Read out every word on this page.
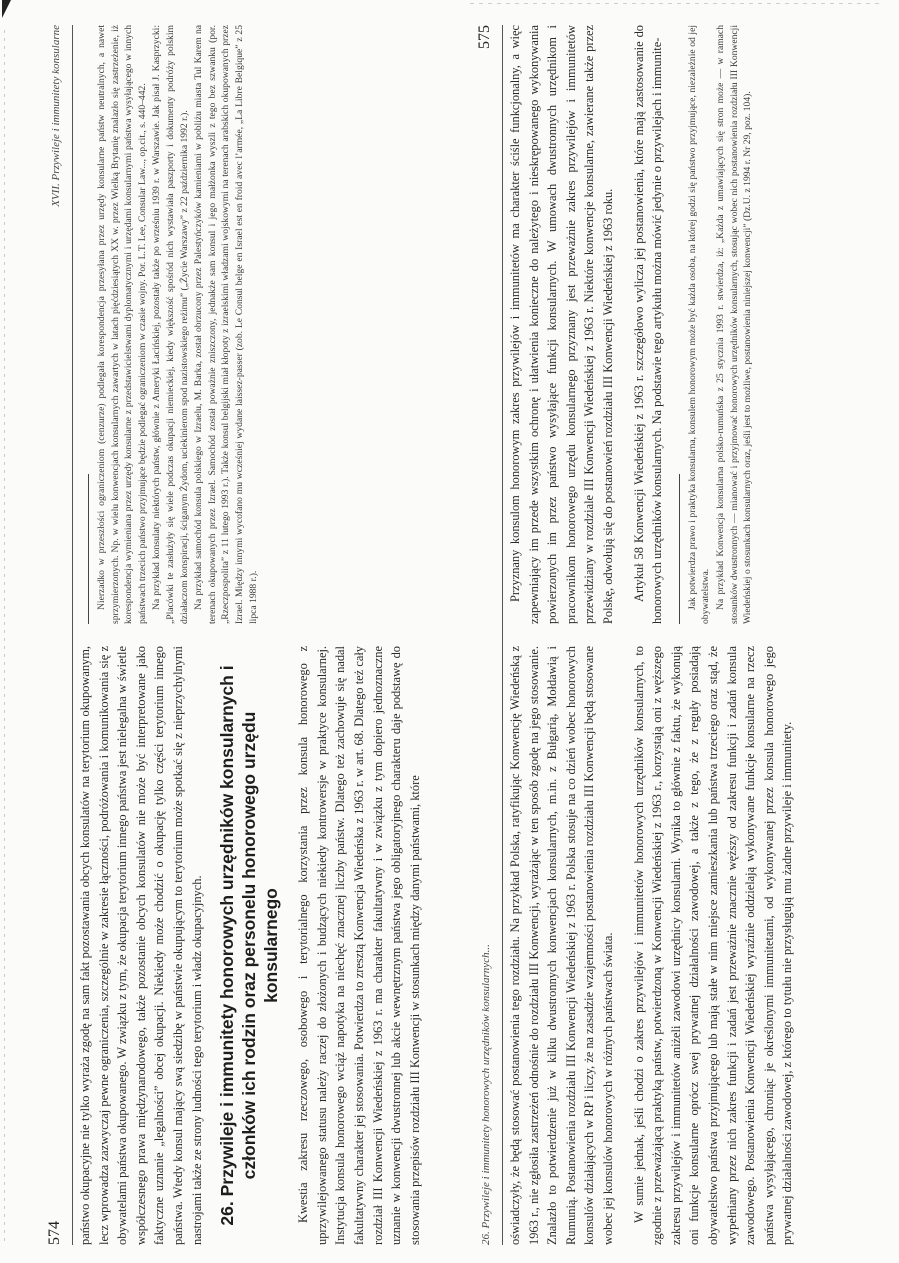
574
XVII. Przywileje i immunitety konsularne

państwo okupacyjne nie tylko wyraża zgodę na sam fakt pozostawania obcych konsulatów na terytorium okupowanym, lecz wprowadza zazwyczaj pewne ograniczenia, szczególnie w zakresie łączności, podróżowania i komunikowania się z obywatelami państwa okupowanego. W związku z tym, że okupacja terytorium innego państwa jest nielegalna w świetle współczesnego prawa międzynarodowego, także pozostanie obcych konsulatów nie może być interpretowane jako faktyczne uznanie „legalności” obcej okupacji. Niekiedy może chodzić o okupację tylko części terytorium innego państwa. Wtedy konsul mający swą siedzibę w państwie okupującym to terytorium może spotkać się z nieprzychylnymi nastrojami także ze strony ludności tego terytorium i władz okupacyjnych. 26. Przywileje i immunitety honorowych urzędników konsularnych i członków ich rodzin oraz personelu honorowego urzędu konsularnego Kwestia zakresu rzeczowego, osobowego i terytorialnego korzystania przez konsula honorowego z uprzywilejowanego statusu należy raczej do złożonych i budzących niekiedy kontrowersje w praktyce konsularnej. Instytucja konsula honorowego wciąż napotyka na niechęć znacznej liczby państw. Dlatego też zachowuje się nadal fakultatywny charakter jej stosowania. Potwierdza to zresztą Konwencja Wiedeńska z 1963 r. w art. 68. Dlatego też cały rozdział III Konwencji Wiedeńskiej z 1963 r. ma charakter fakultatywny i w związku z tym dopiero jednoznaczne uznanie w konwencji dwustronnej lub akcie wewnętrznym państwa jego obligatoryjnego charakteru daje podstawę do stosowania przepisów rozdziału III Konwencji w stosunkach między danymi państwami, które

Nierzadko w przeszłości ograniczeniom (cenzurze) podlegała korespondencja przesyłana przez urzędy konsularne państw neutralnych, a nawet sprzymierzonych. Np. w wielu konwencjach konsularnych zawartych w latach pięćdziesiątych XX w. przez Wielką Brytanię znalazło się zastrzeżenie, iż korespondencja wymieniana przez urzędy konsularne z przedstawicielstwami dyplomatycznymi i urzędami konsularnymi państwa wysyłającego w innych państwach trzecich państwo przyjmujące będzie podlegać ograniczeniom w czasie wojny. Por. L.T. Lee, Consular Law..., op.cit., s. 440–442. Na przykład konsulaty niektórych państw, głównie z Ameryki Łacińskiej, pozostały także po wrześniu 1939 r. w Warszawie. Jak pisał J. Kasprzycki: „Placówki te zasłużyły się wiele podczas okupacji niemieckiej, kiedy większość spośród nich wystawiała paszporty i dokumenty podróży polskim działaczom konspiracji, ściganym Żydom, uciekinierom spod nazistowskiego reżimu” („Życie Warszawy” z 22 października 1992 r.). Na przykład samochód konsula polskiego w Izraelu, M. Barka, został obrzucony przez Palestyńczyków kamieniami w pobliżu miasta Tul Karem na terenach okupowanych przez Izrael. Samochód został poważnie zniszczony, jednakże sam konsul i jego małżonka wyszli z tego bez szwanku (por. „Rzeczpospolita” z 11 lutego 1993 r.). Także konsul belgijski miał kłopoty z izraelskimi władzami wojskowymi na terenach arabskich okupowanych przez Izrael. Między innymi wycofano mu wcześniej wydane laissez-passer (zob. Le Consul belge en Israel est en froid avec l’armée, „La Libre Belgique” z 25 lipca 1988 r.).

26. Przywileje i immunitety honorowych urzędników konsularnych...
575

oświadczyły, że będą stosować postanowienia tego rozdziału. Na przykład Polska, ratyfikując Konwencję Wiedeńską z 1963 r., nie zgłosiła zastrzeżeń odnośnie do rozdziału III Konwencji, wyrażając w ten sposób zgodę na jego stosowanie. Znalazło to potwierdzenie już w kilku dwustronnych konwencjach konsularnych, m.in. z Bułgarią, Mołdawią i Rumunią. Postanowienia rozdziału III Konwencji Wiedeńskiej z 1963 r. Polska stosuje na co dzień wobec honorowych konsulów działających w RP i liczy, że na zasadzie wzajemności postanowienia rozdziału III Konwencji będą stosowane wobec jej konsulów honorowych w różnych państwach świata. W sumie jednak, jeśli chodzi o zakres przywilejów i immunitetów honorowych urzędników konsularnych, to zgodnie z przeważającą praktyką państw, potwierdzoną w Konwencji Wiedeńskiej z 1963 r., korzystają oni z węższego zakresu przywilejów i immunitetów aniżeli zawodowi urzędnicy konsularni. Wynika to głównie z faktu, że wykonują oni funkcje konsularne oprócz swej prywatnej działalności zawodowej, a także z tego, że z reguły posiadają obywatelstwo państwa przyjmującego lub mają stałe w nim miejsce zamieszkania lub państwa trzeciego oraz stąd, że wypełniany przez nich zakres funkcji i zadań jest przeważnie znacznie węższy od zakresu funkcji i zadań konsula zawodowego. Postanowienia Konwencji Wiedeńskiej wyraźnie oddzielają wykonywane funkcje konsularne na rzecz państwa wysyłającego, chroniąc je określonymi immunitetami, od wykonywanej przez konsula honorowego jego prywatnej działalności zawodowej, z którego to tytułu nie przysługują mu żadne przywileje i immunitety.

Przyznany konsulom honorowym zakres przywilejów i immunitetów ma charakter ściśle funkcjonalny, a więc zapewniający im przede wszystkim ochronę i ułatwienia konieczne do należytego i nieskrępowanego wykonywania powierzonych im przez państwo wysyłające funkcji konsularnych. W umowach dwustronnych urzędnikom i pracownikom honorowego urzędu konsularnego przyznany jest przeważnie zakres przywilejów i immunitetów przewidziany w rozdziale III Konwencji Wiedeńskiej z 1963 r. Niektóre konwencje konsularne, zawierane także przez Polskę, odwołują się do postanowień rozdziału III Konwencji Wiedeńskiej z 1963 roku. Artykuł 58 Konwencji Wiedeńskiej z 1963 r. szczegółowo wylicza jej postanowienia, które mają zastosowanie do honorowych urzędników konsularnych. Na podstawie tego artykułu można mówić jedynie o przywilejach i immunite- Jak potwierdza prawo i praktyka konsularna, konsulem honorowym może być każda osoba, na której godzi się państwo przyjmujące, niezależnie od jej obywatelstwa. Na przykład Konwencja konsularna polsko-rumuńska z 25 stycznia 1993 r. stwierdza, iż: „Każda z umawiających się stron może — w ramach stosunków dwustronnych — mianować i przyjmować honorowych urzędników konsularnych, stosując wobec nich postanowienia rozdziału III Konwencji Wiedeńskiej o stosunkach konsularnych oraz, jeśli jest to możliwe, postanowienia niniejszej konwencji” (Dz.U. z 1994 r. Nr 29, poz. 104).
